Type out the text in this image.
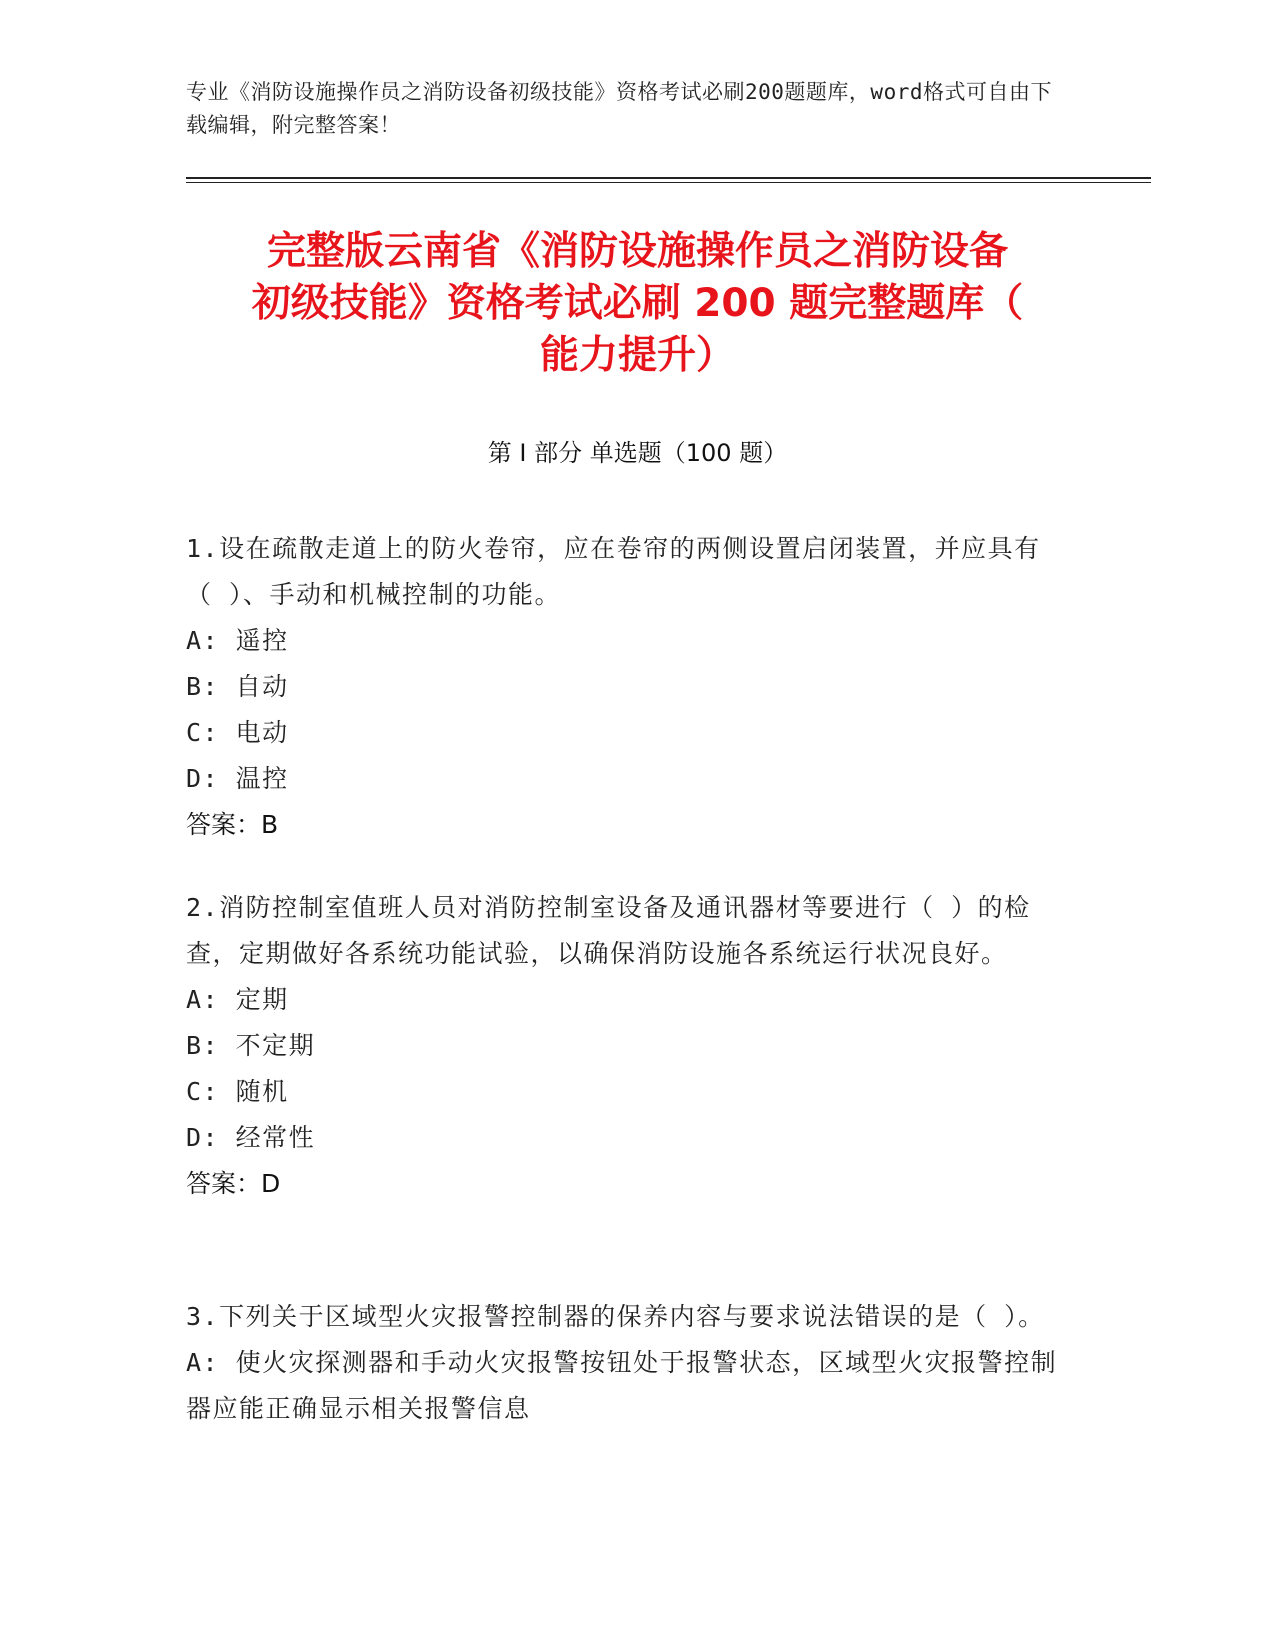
专业《消防设施操作员之消防设备初级技能》资格考试必刷200题题库，word格式可自由下载编辑，附完整答案！
完整版云南省《消防设施操作员之消防设备
初级技能》资格考试必刷 200 题完整题库（
能力提升）
第 I 部分 单选题（100 题）
1.设在疏散走道上的防火卷帘，应在卷帘的两侧设置启闭装置，并应具有（ ）、手动和机械控制的功能。
A: 遥控
B: 自动
C: 电动
D: 温控
答案：B
2.消防控制室值班人员对消防控制室设备及通讯器材等要进行（ ）的检查，定期做好各系统功能试验，以确保消防设施各系统运行状况良好。
A: 定期
B: 不定期
C: 随机
D: 经常性
答案：D
3.下列关于区域型火灾报警控制器的保养内容与要求说法错误的是（ ）。
A: 使火灾探测器和手动火灾报警按钮处于报警状态，区域型火灾报警控制器应能正确显示相关报警信息
